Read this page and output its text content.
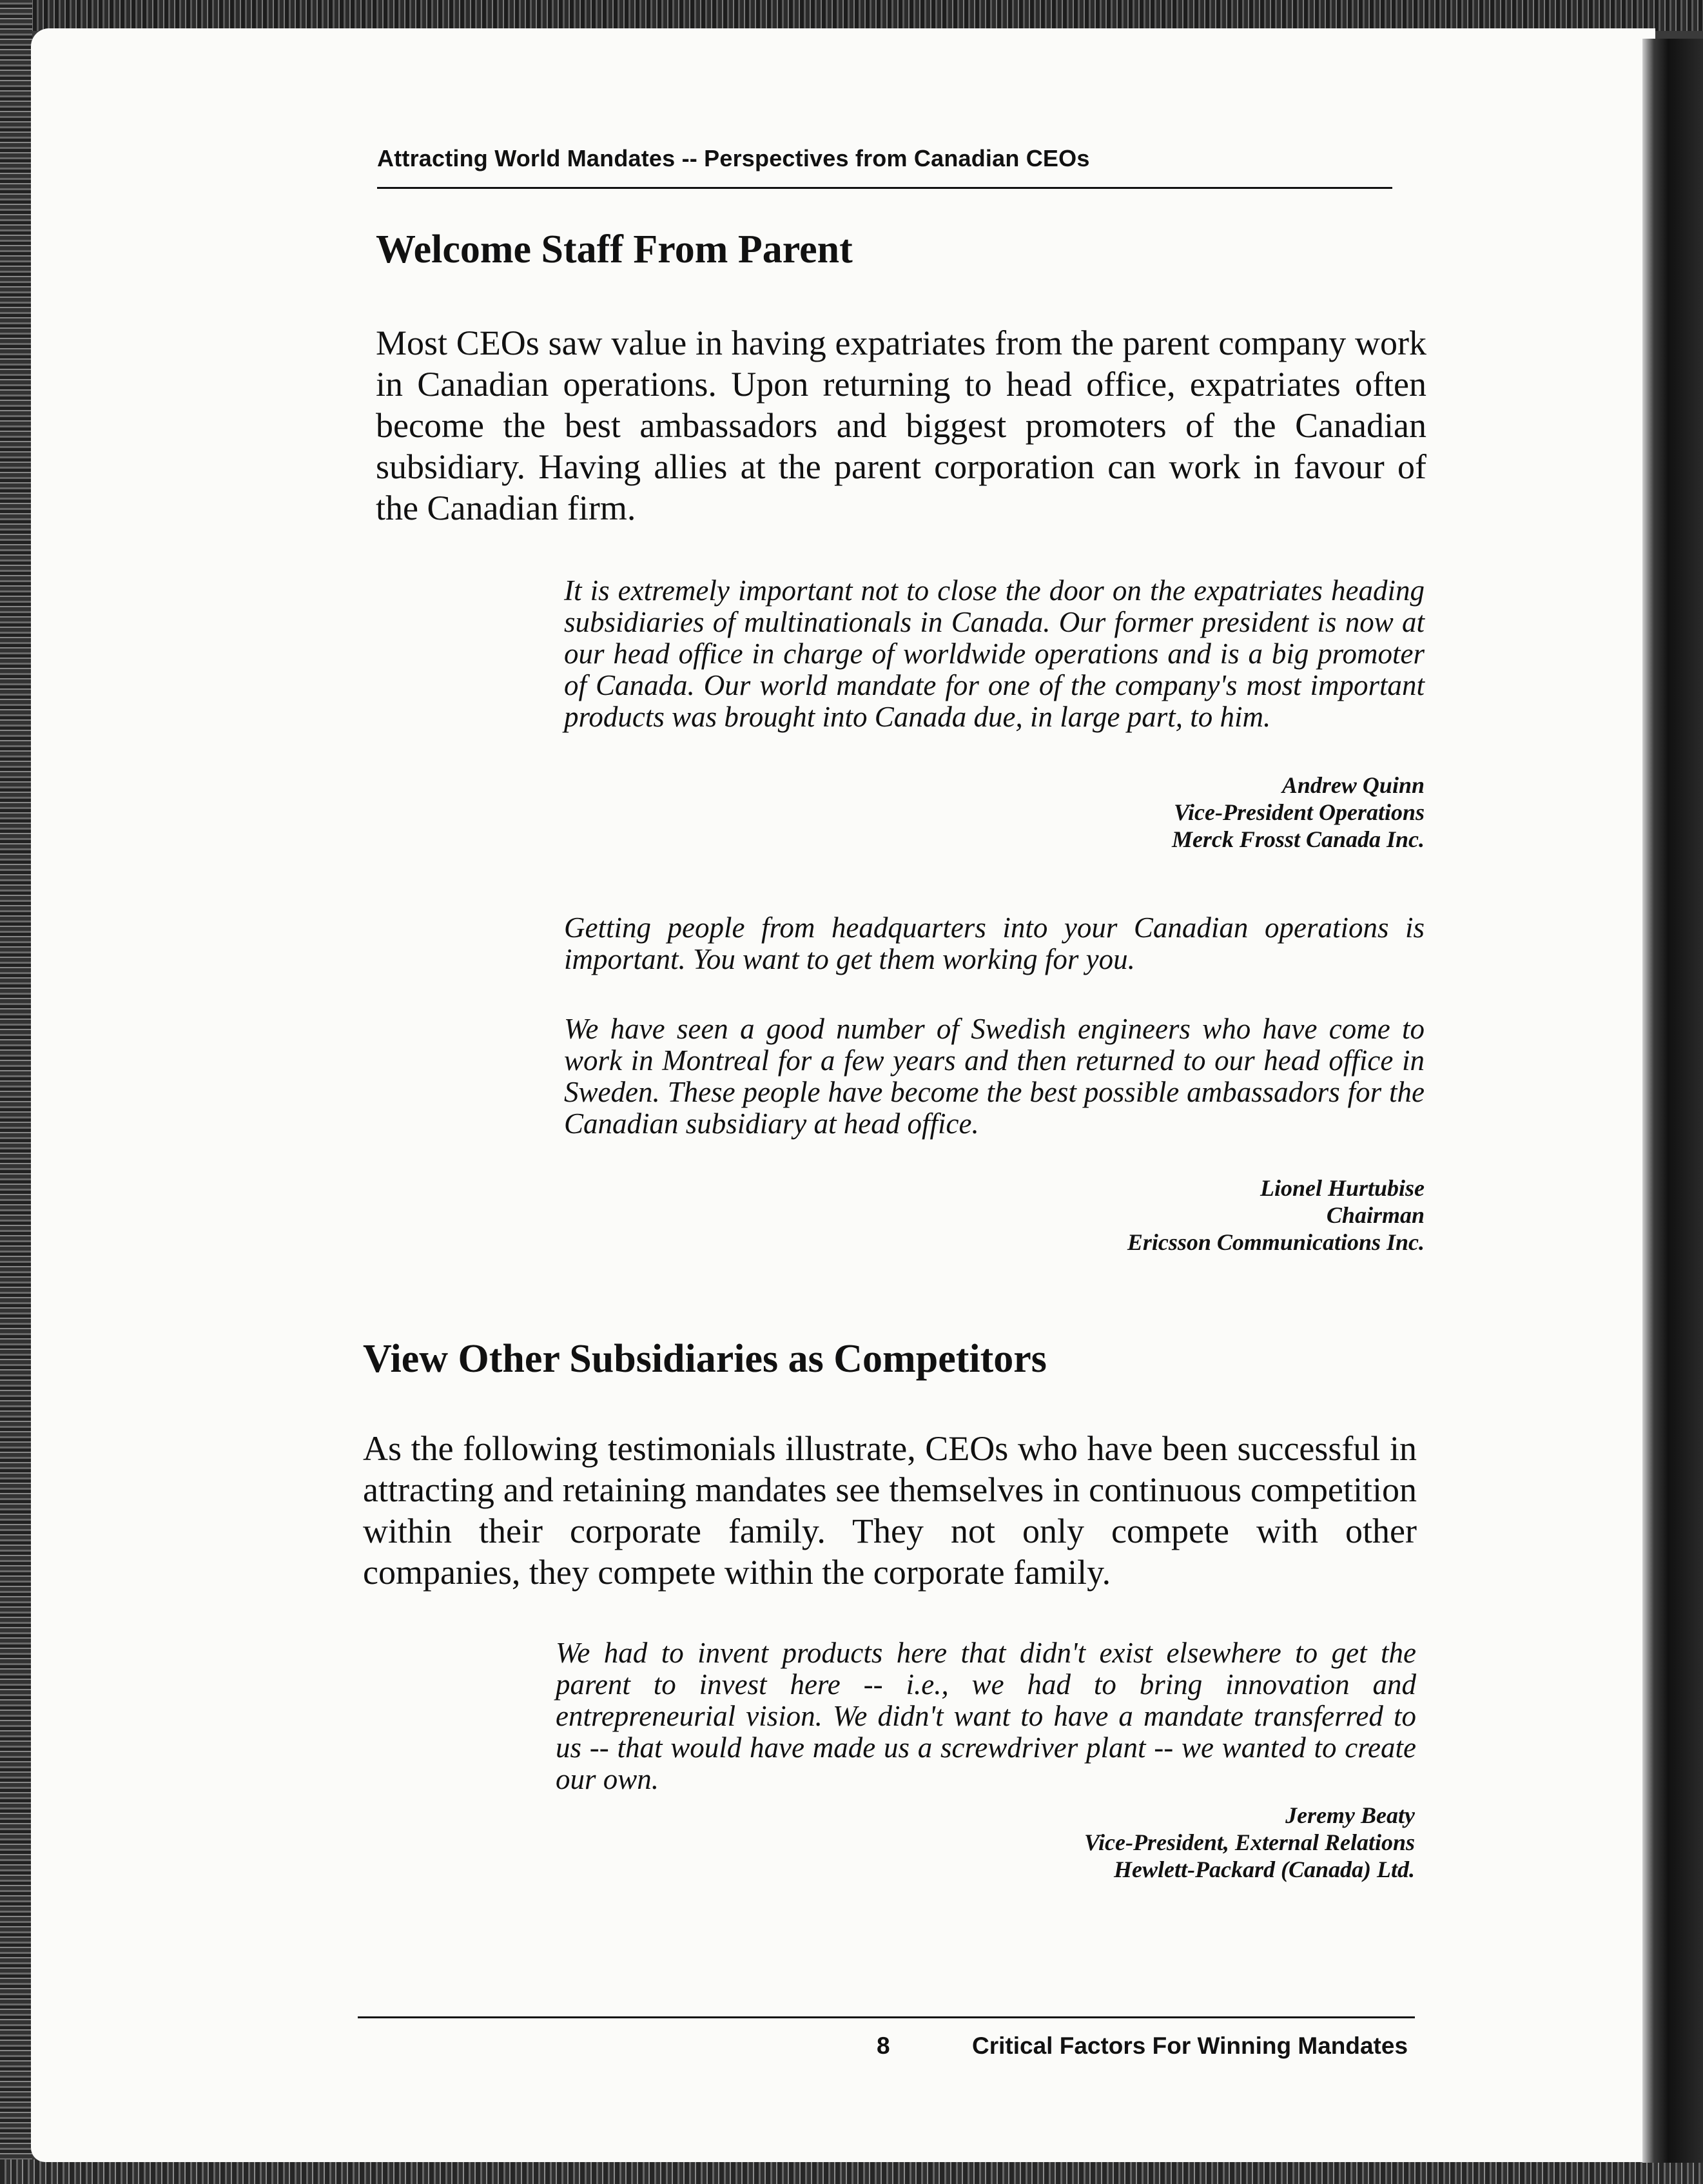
Attracting World Mandates -- Perspectives from Canadian CEOs

Welcome Staff From Parent

Most CEOs saw value in having expatriates from the parent company work in Canadian operations. Upon returning to head office, expatriates often become the best ambassadors and biggest promoters of the Canadian subsidiary. Having allies at the parent corporation can work in favour of the Canadian firm.

It is extremely important not to close the door on the expatriates heading subsidiaries of multinationals in Canada. Our former president is now at our head office in charge of worldwide operations and is a big promoter of Canada. Our world mandate for one of the company's most important products was brought into Canada due, in large part, to him.

Andrew Quinn
Vice-President Operations
Merck Frosst Canada Inc.

Getting people from headquarters into your Canadian operations is important. You want to get them working for you.

We have seen a good number of Swedish engineers who have come to work in Montreal for a few years and then returned to our head office in Sweden. These people have become the best possible ambassadors for the Canadian subsidiary at head office.

Lionel Hurtubise
Chairman
Ericsson Communications Inc.
View Other Subsidiaries as Competitors

As the following testimonials illustrate, CEOs who have been successful in attracting and retaining mandates see themselves in continuous competition within their corporate family. They not only compete with other companies, they compete within the corporate family.

We had to invent products here that didn't exist elsewhere to get the parent to invest here -- i.e., we had to bring innovation and entrepreneurial vision. We didn't want to have a mandate transferred to us -- that would have made us a screwdriver plant -- we wanted to create our own.

Jeremy Beaty
Vice-President, External Relations
Hewlett-Packard (Canada) Ltd.
8	Critical Factors For Winning Mandates
